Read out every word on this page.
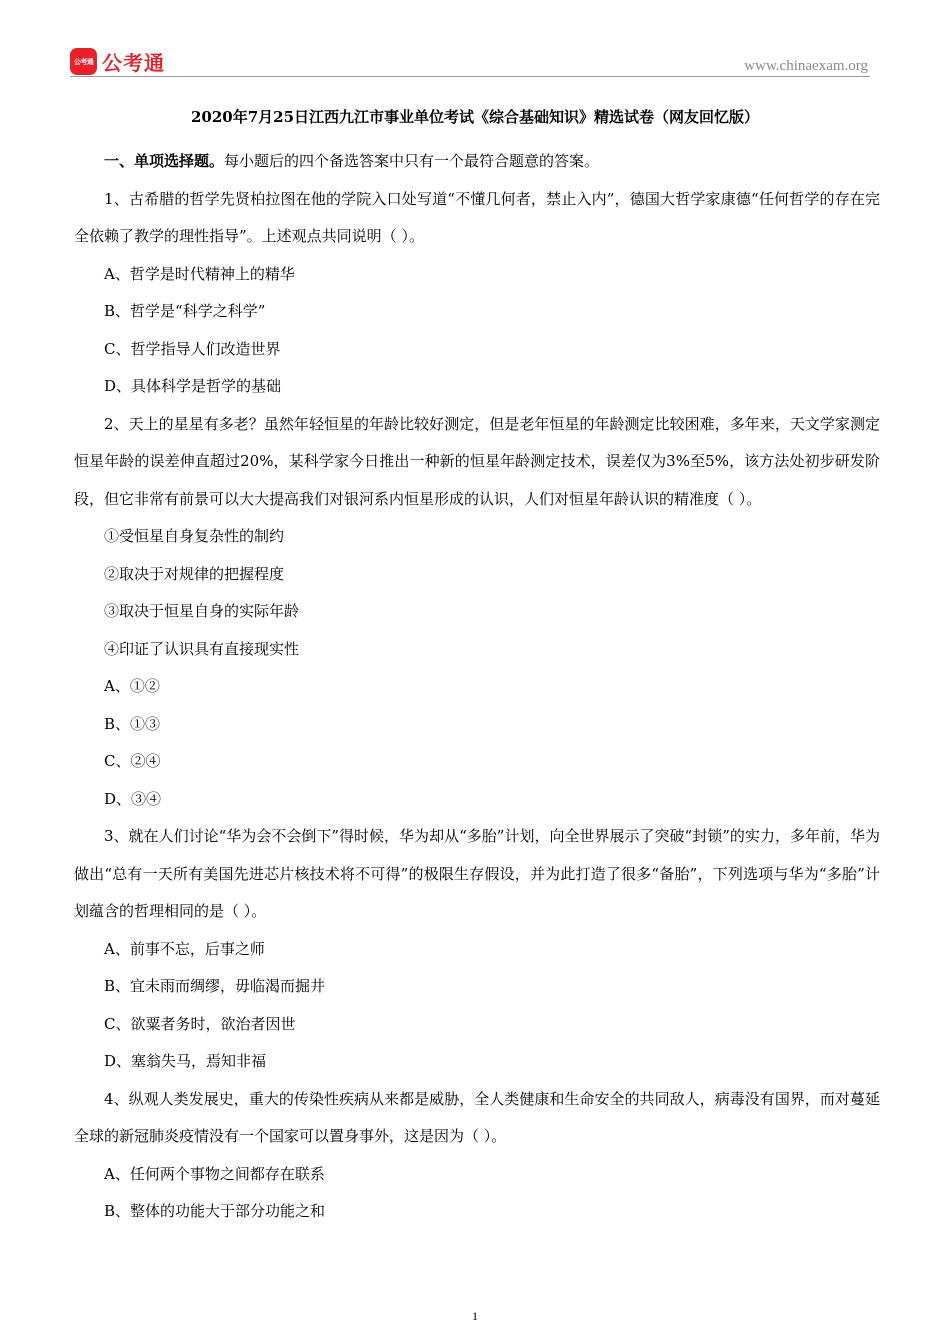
公考通 公考通	www.chinaexam.org
2020年7月25日江西九江市事业单位考试《综合基础知识》精选试卷（网友回忆版）

一、单项选择题。每小题后的四个备选答案中只有一个最符合题意的答案。

1、古希腊的哲学先贤柏拉图在他的学院入口处写道“不懂几何者，禁止入内”，德国大哲学家康德“任何哲学的存在完全依赖了教学的理性指导”。上述观点共同说明（ ）。

A、哲学是时代精神上的精华

B、哲学是“科学之科学”

C、哲学指导人们改造世界

D、具体科学是哲学的基础

2、天上的星星有多老？虽然年轻恒星的年龄比较好测定，但是老年恒星的年龄测定比较困难，多年来，天文学家测定恒星年龄的误差伸直超过20%，某科学家今日推出一种新的恒星年龄测定技术，误差仅为3%至5%，该方法处初步研发阶段，但它非常有前景可以大大提高我们对银河系内恒星形成的认识，人们对恒星年龄认识的精准度（ ）。

①受恒星自身复杂性的制约

②取决于对规律的把握程度

③取决于恒星自身的实际年龄

④印证了认识具有直接现实性

A、①②

B、①③

C、②④

D、③④

3、就在人们讨论“华为会不会倒下”得时候，华为却从“多胎”计划，向全世界展示了突破“封锁”的实力，多年前，华为做出“总有一天所有美国先进芯片核技术将不可得”的极限生存假设，并为此打造了很多“备胎”，下列选项与华为“多胎”计划蕴含的哲理相同的是（ ）。

A、前事不忘，后事之师

B、宜未雨而绸缪，毋临渴而掘井

C、欲粟者务时，欲治者因世

D、塞翁失马，焉知非福

4、纵观人类发展史，重大的传染性疾病从来都是威胁，全人类健康和生命安全的共同敌人，病毒没有国界，而对蔓延全球的新冠肺炎疫情没有一个国家可以置身事外，这是因为（ ）。

A、任何两个事物之间都存在联系

B、整体的功能大于部分功能之和

1
